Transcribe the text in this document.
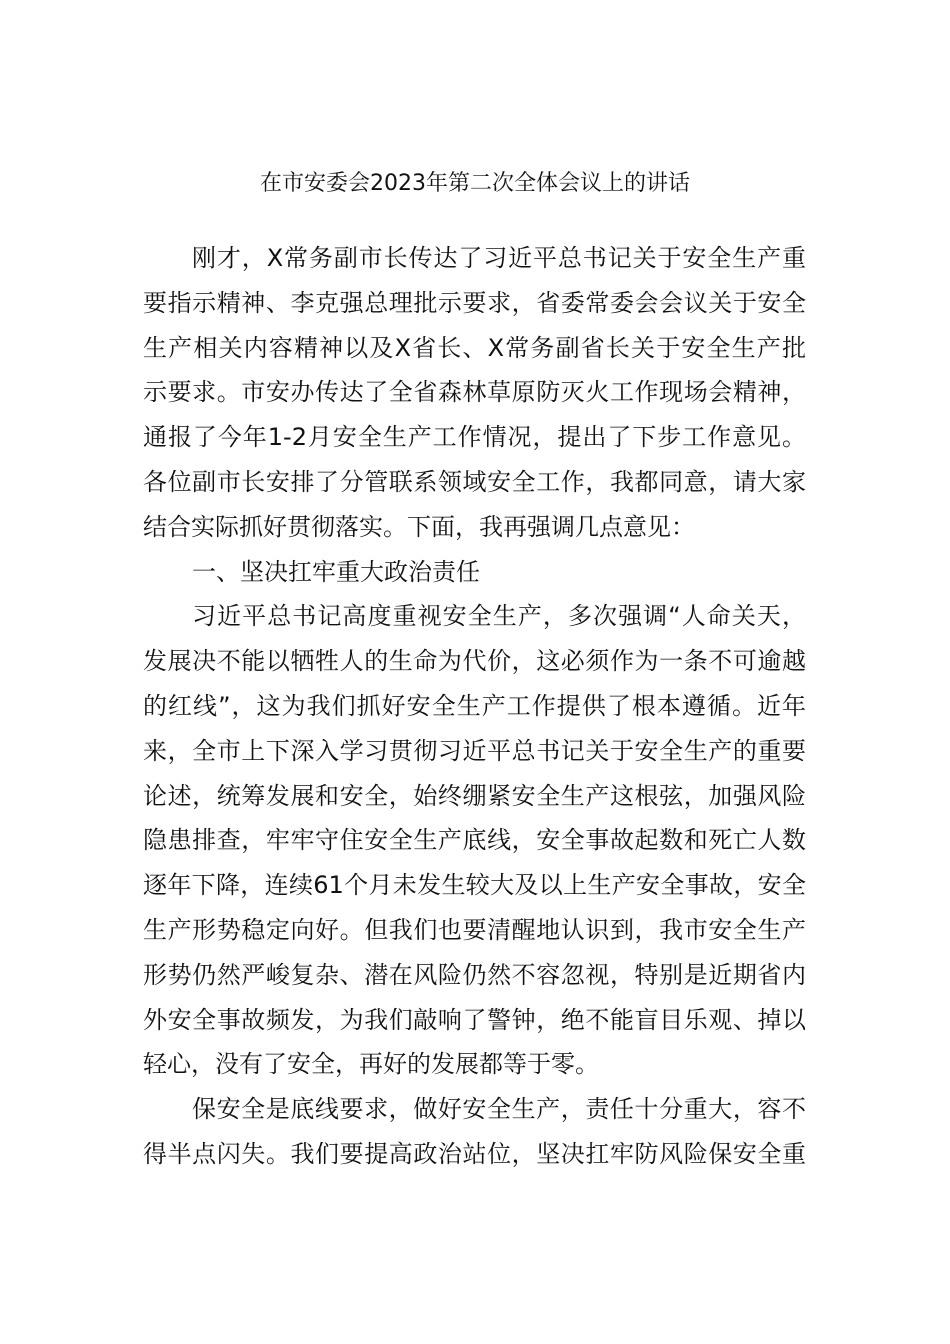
在市安委会2023年第二次全体会议上的讲话
刚才，X常务副市长传达了习近平总书记关于安全生产重
要指示精神、李克强总理批示要求，省委常委会会议关于安全
生产相关内容精神以及X省长、X常务副省长关于安全生产批
示要求。市安办传达了全省森林草原防灭火工作现场会精神，
通报了今年1-2月安全生产工作情况，提出了下步工作意见。
各位副市长安排了分管联系领域安全工作，我都同意，请大家
结合实际抓好贯彻落实。下面，我再强调几点意见：
一、坚决扛牢重大政治责任
习近平总书记高度重视安全生产，多次强调“人命关天，
发展决不能以牺牲人的生命为代价，这必须作为一条不可逾越
的红线”，这为我们抓好安全生产工作提供了根本遵循。近年
来，全市上下深入学习贯彻习近平总书记关于安全生产的重要
论述，统筹发展和安全，始终绷紧安全生产这根弦，加强风险
隐患排查，牢牢守住安全生产底线，安全事故起数和死亡人数
逐年下降，连续61个月未发生较大及以上生产安全事故，安全
生产形势稳定向好。但我们也要清醒地认识到，我市安全生产
形势仍然严峻复杂、潜在风险仍然不容忽视，特别是近期省内
外安全事故频发，为我们敲响了警钟，绝不能盲目乐观、掉以
轻心，没有了安全，再好的发展都等于零。
保安全是底线要求，做好安全生产，责任十分重大，容不
得半点闪失。我们要提高政治站位，坚决扛牢防风险保安全重
